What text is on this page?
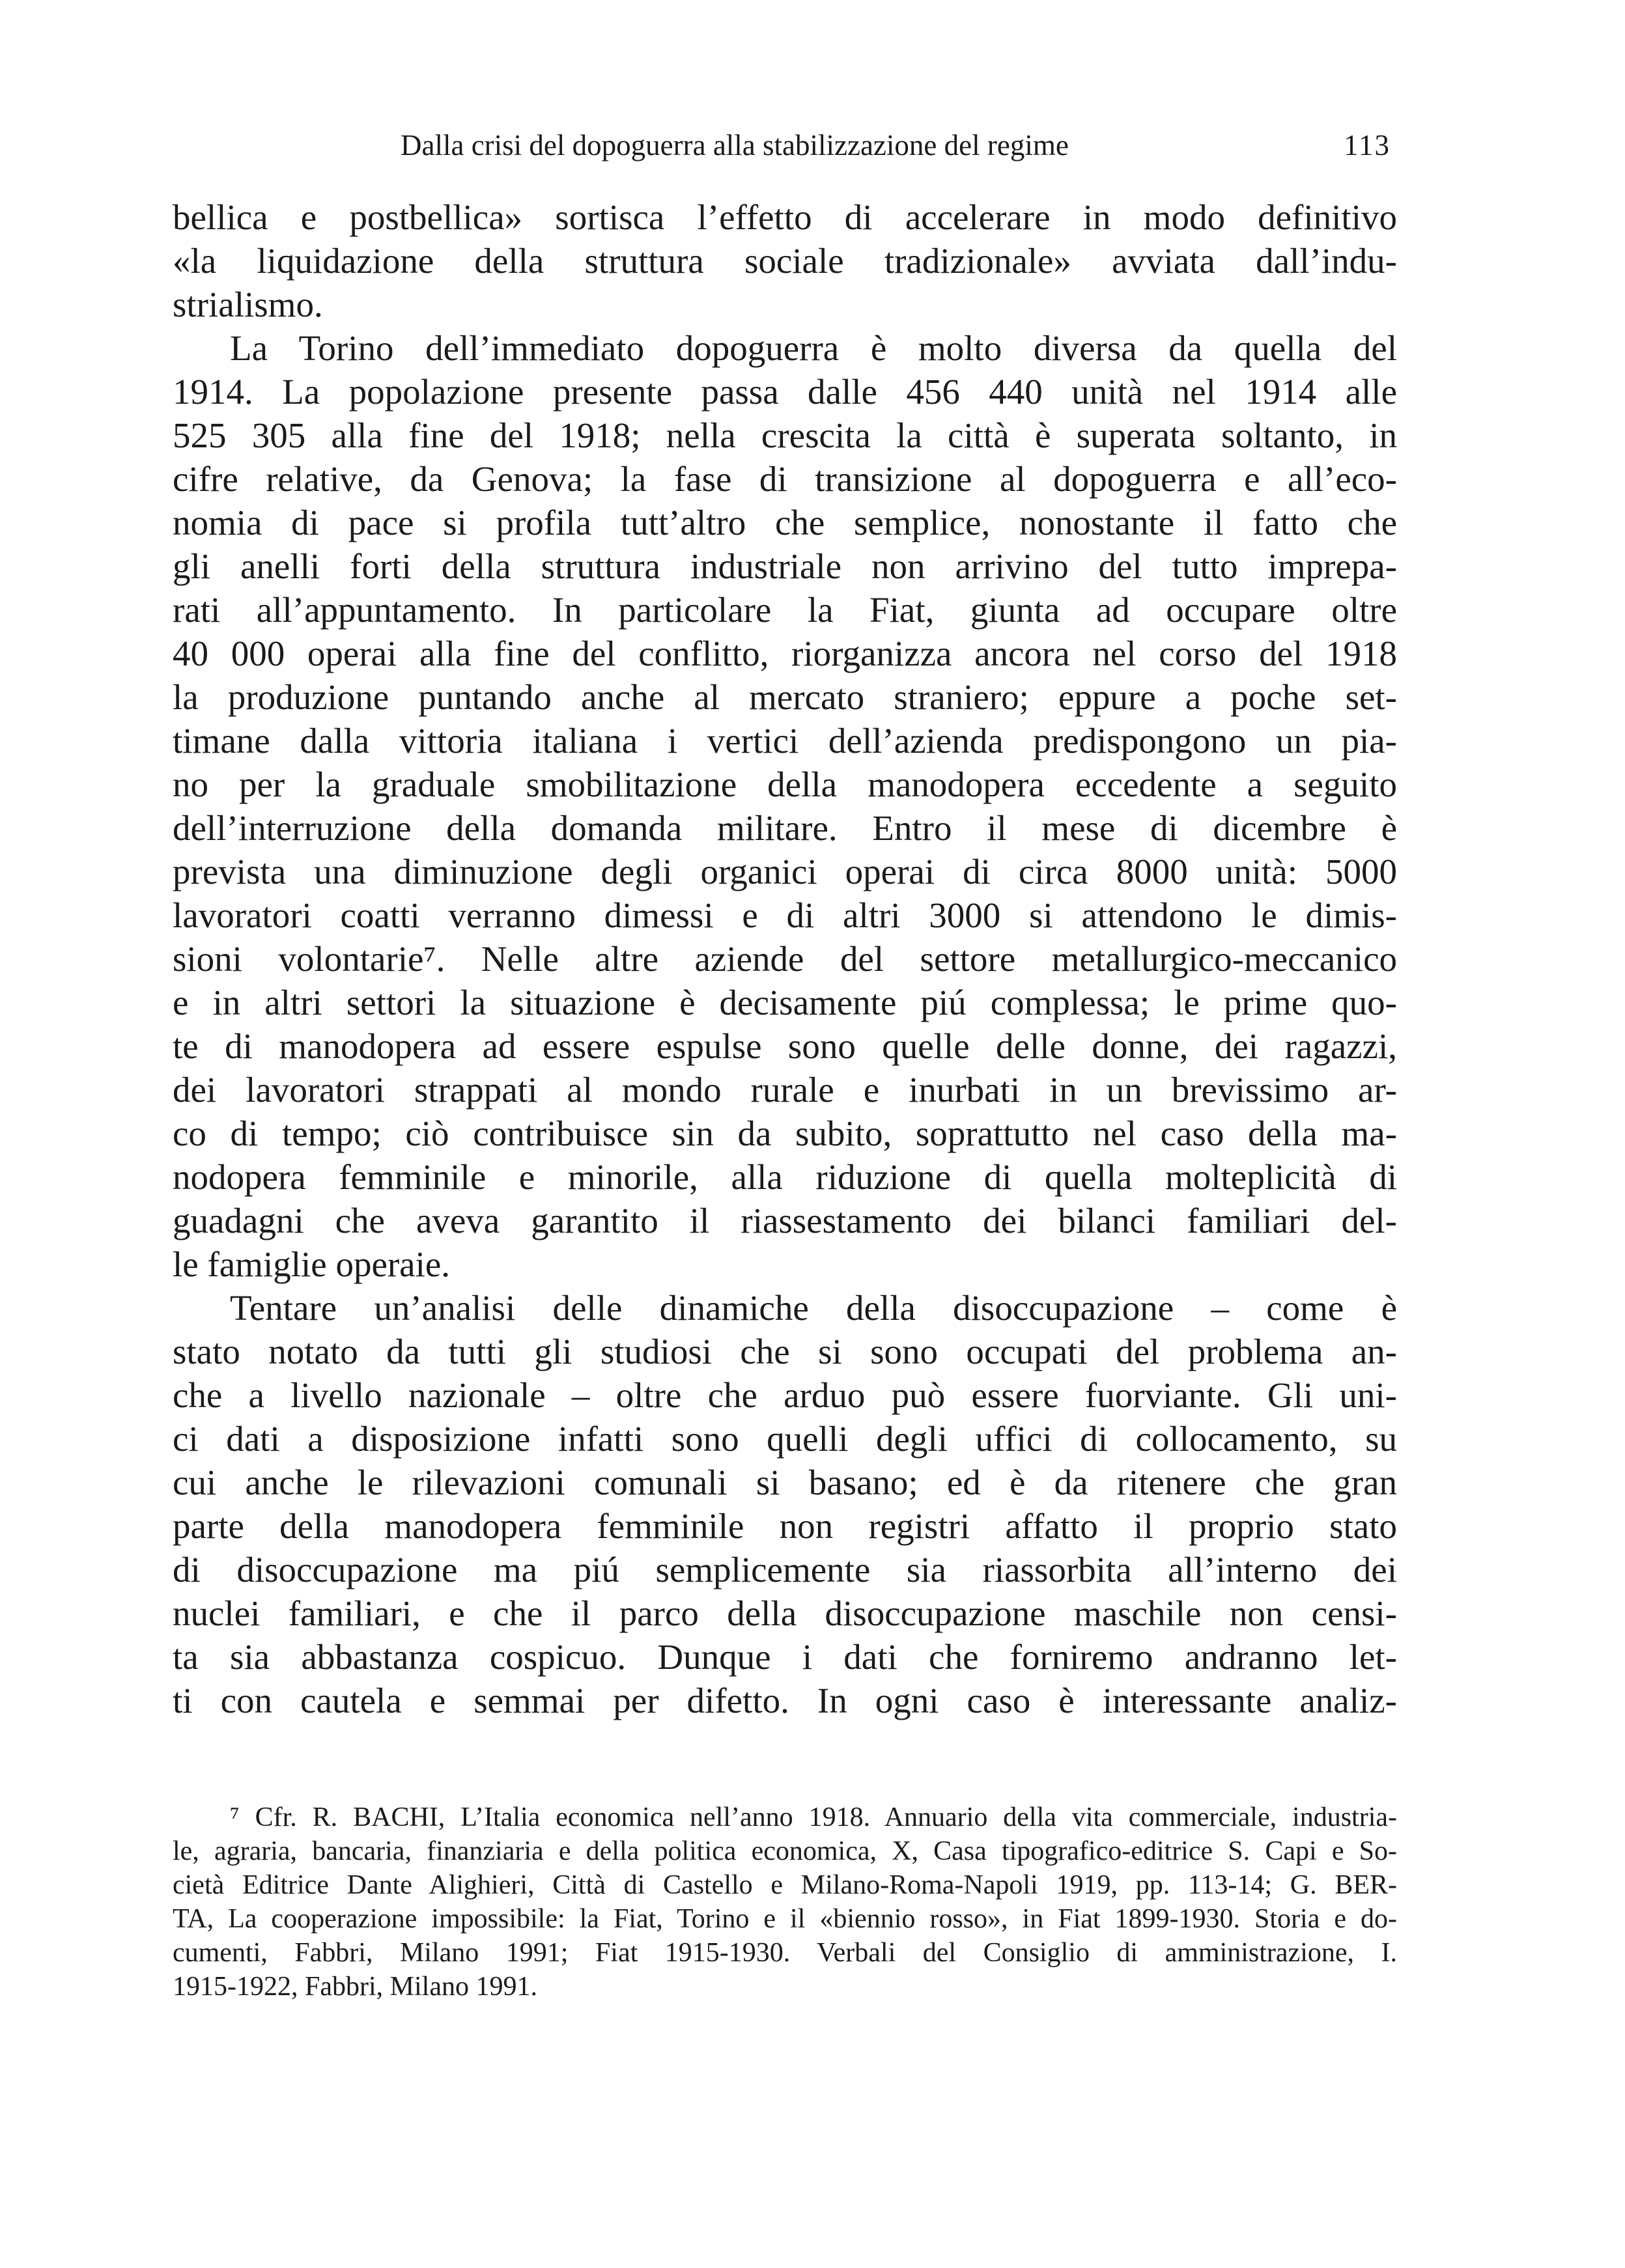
Dalla crisi del dopoguerra alla stabilizzazione del regime	113
bellica e postbellica» sortisca l’effetto di accelerare in modo definitivo
«la liquidazione della struttura sociale tradizionale» avviata dall’indu-
strialismo.
La Torino dell’immediato dopoguerra è molto diversa da quella del
1914. La popolazione presente passa dalle 456 440 unità nel 1914 alle
525 305 alla fine del 1918; nella crescita la città è superata soltanto, in
cifre relative, da Genova; la fase di transizione al dopoguerra e all’eco-
nomia di pace si profila tutt’altro che semplice, nonostante il fatto che
gli anelli forti della struttura industriale non arrivino del tutto imprepa-
rati all’appuntamento. In particolare la Fiat, giunta ad occupare oltre
40 000 operai alla fine del conflitto, riorganizza ancora nel corso del 1918
la produzione puntando anche al mercato straniero; eppure a poche set-
timane dalla vittoria italiana i vertici dell’azienda predispongono un pia-
no per la graduale smobilitazione della manodopera eccedente a seguito
dell’interruzione della domanda militare. Entro il mese di dicembre è
prevista una diminuzione degli organici operai di circa 8000 unità: 5000
lavoratori coatti verranno dimessi e di altri 3000 si attendono le dimis-
sioni volontarie⁷. Nelle altre aziende del settore metallurgico-meccanico
e in altri settori la situazione è decisamente piú complessa; le prime quo-
te di manodopera ad essere espulse sono quelle delle donne, dei ragazzi,
dei lavoratori strappati al mondo rurale e inurbati in un brevissimo ar-
co di tempo; ciò contribuisce sin da subito, soprattutto nel caso della ma-
nodopera femminile e minorile, alla riduzione di quella molteplicità di
guadagni che aveva garantito il riassestamento dei bilanci familiari del-
le famiglie operaie.
Tentare un’analisi delle dinamiche della disoccupazione – come è
stato notato da tutti gli studiosi che si sono occupati del problema an-
che a livello nazionale – oltre che arduo può essere fuorviante. Gli uni-
ci dati a disposizione infatti sono quelli degli uffici di collocamento, su
cui anche le rilevazioni comunali si basano; ed è da ritenere che gran
parte della manodopera femminile non registri affatto il proprio stato
di disoccupazione ma piú semplicemente sia riassorbita all’interno dei
nuclei familiari, e che il parco della disoccupazione maschile non censi-
ta sia abbastanza cospicuo. Dunque i dati che forniremo andranno let-
ti con cautela e semmai per difetto. In ogni caso è interessante analiz-
⁷ Cfr. R. BACHI, L’Italia economica nell’anno 1918. Annuario della vita commerciale, industria-
le, agraria, bancaria, finanziaria e della politica economica, X, Casa tipografico-editrice S. Capi e So-
cietà Editrice Dante Alighieri, Città di Castello e Milano-Roma-Napoli 1919, pp. 113-14; G. BER-
TA, La cooperazione impossibile: la Fiat, Torino e il «biennio rosso», in Fiat 1899-1930. Storia e do-
cumenti, Fabbri, Milano 1991; Fiat 1915-1930. Verbali del Consiglio di amministrazione, I.
1915-1922, Fabbri, Milano 1991.
